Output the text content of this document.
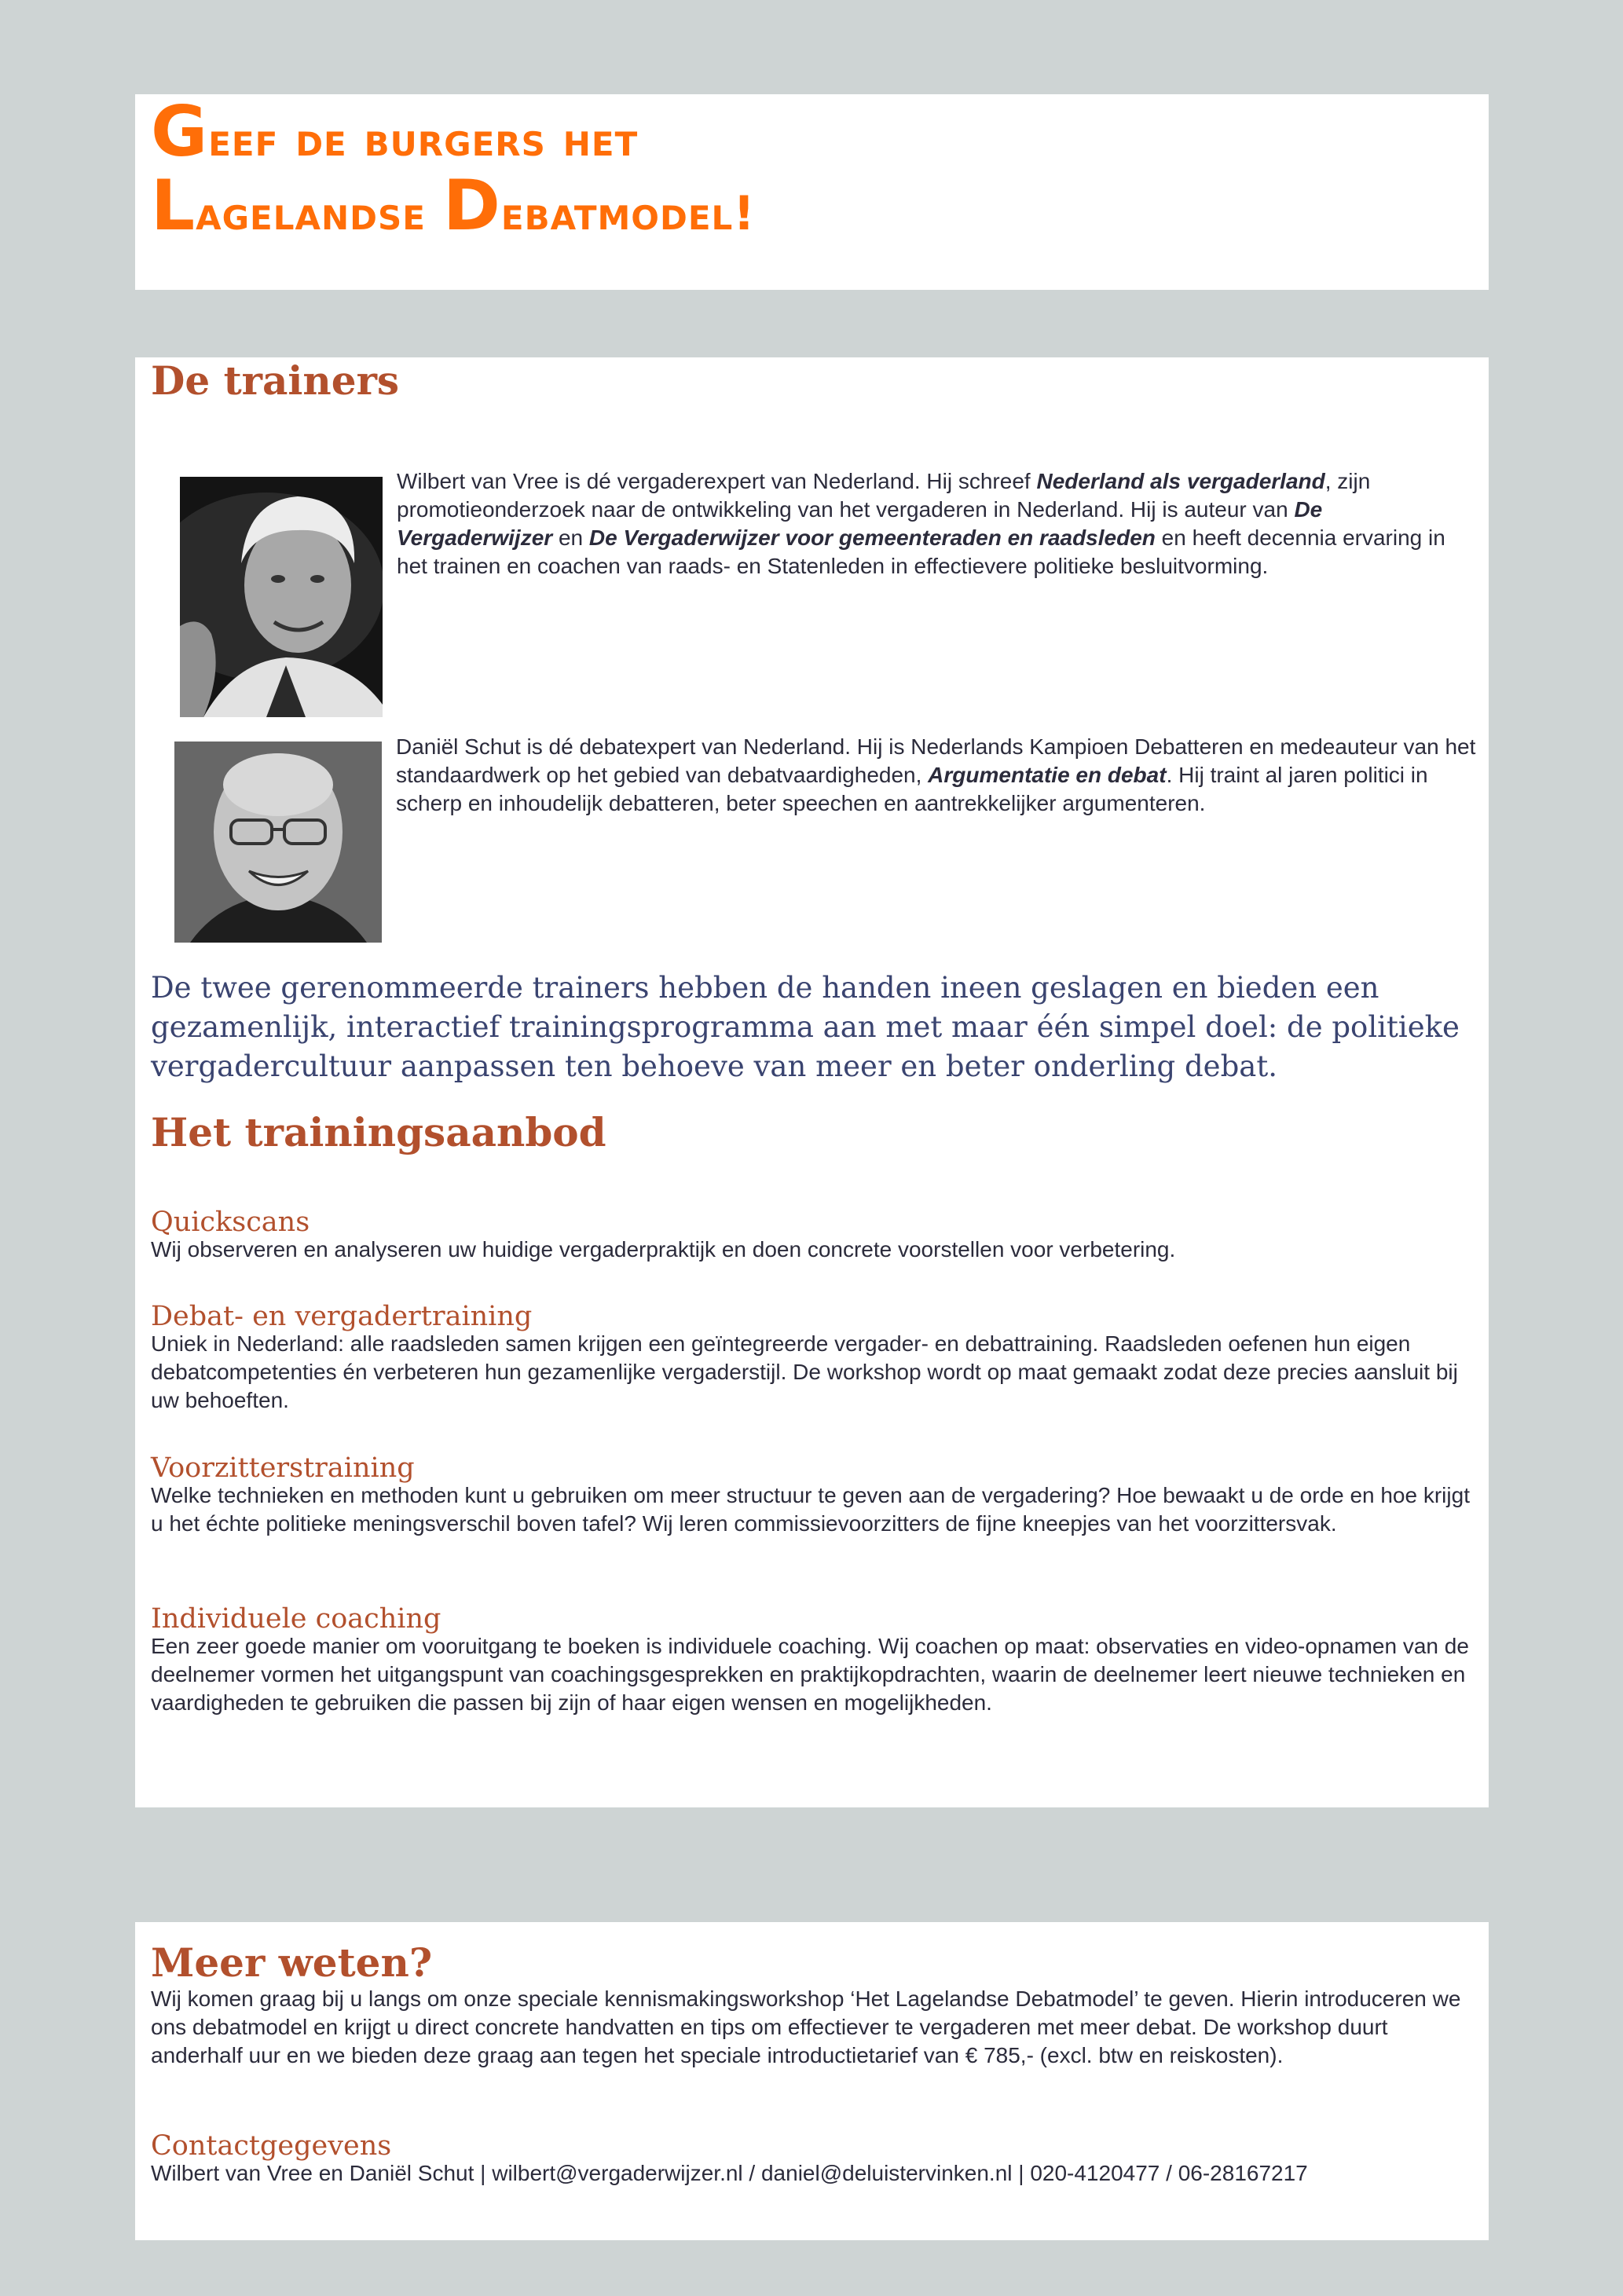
Geef de burgers het
Lagelandse Debatmodel!
De trainers

Wilbert van Vree is dé vergaderexpert van Nederland. Hij schreef Nederland als vergaderland, zijn promotieonderzoek naar de ontwikkeling van het vergaderen in Nederland. Hij is auteur van De Vergaderwijzer en De Vergaderwijzer voor gemeenteraden en raadsleden en heeft decennia ervaring in het trainen en coachen van raads- en Statenleden in effectievere politieke besluitvorming.

Daniël Schut is dé debatexpert van Nederland. Hij is Nederlands Kampioen Debatteren en medeauteur van het standaardwerk op het gebied van debatvaardigheden, Argumentatie en debat. Hij traint al jaren politici in scherp en inhoudelijk debatteren, beter speechen en aantrekkelijker argumenteren.

De twee gerenommeerde trainers hebben de handen ineen geslagen en bieden een gezamenlijk, interactief trainingsprogramma aan met maar één simpel doel: de politieke vergadercultuur aanpassen ten behoeve van meer en beter onderling debat.

Het trainingsaanbod
Quickscans

Wij observeren en analyseren uw huidige vergaderpraktijk en doen concrete voorstellen voor verbetering.

Debat- en vergadertraining

Uniek in Nederland: alle raadsleden samen krijgen een geïntegreerde vergader- en debattraining. Raadsleden oefenen hun eigen debatcompetenties én verbeteren hun gezamenlijke vergaderstijl. De workshop wordt op maat gemaakt zodat deze precies aansluit bij uw behoeften.

Voorzitterstraining

Welke technieken en methoden kunt u gebruiken om meer structuur te geven aan de vergadering? Hoe bewaakt u de orde en hoe krijgt u het échte politieke meningsverschil boven tafel? Wij leren commissievoorzitters de fijne kneepjes van het voorzittersvak.

Individuele coaching

Een zeer goede manier om vooruitgang te boeken is individuele coaching. Wij coachen op maat: observaties en video-opnamen van de deelnemer vormen het uitgangspunt van coachingsgesprekken en praktijkopdrachten, waarin de deelnemer leert nieuwe technieken en vaardigheden te gebruiken die passen bij zijn of haar eigen wensen en mogelijkheden.

Meer weten?

Wij komen graag bij u langs om onze speciale kennismakingsworkshop ‘Het Lagelandse Debatmodel’ te geven. Hierin introduceren we ons debatmodel en krijgt u direct concrete handvatten en tips om effectiever te vergaderen met meer debat. De workshop duurt anderhalf uur en we bieden deze graag aan tegen het speciale introductietarief van € 785,- (excl. btw en reiskosten).

Contactgegevens

Wilbert van Vree en Daniël Schut | wilbert@vergaderwijzer.nl / daniel@deluistervinken.nl | 020-4120477 / 06-28167217
